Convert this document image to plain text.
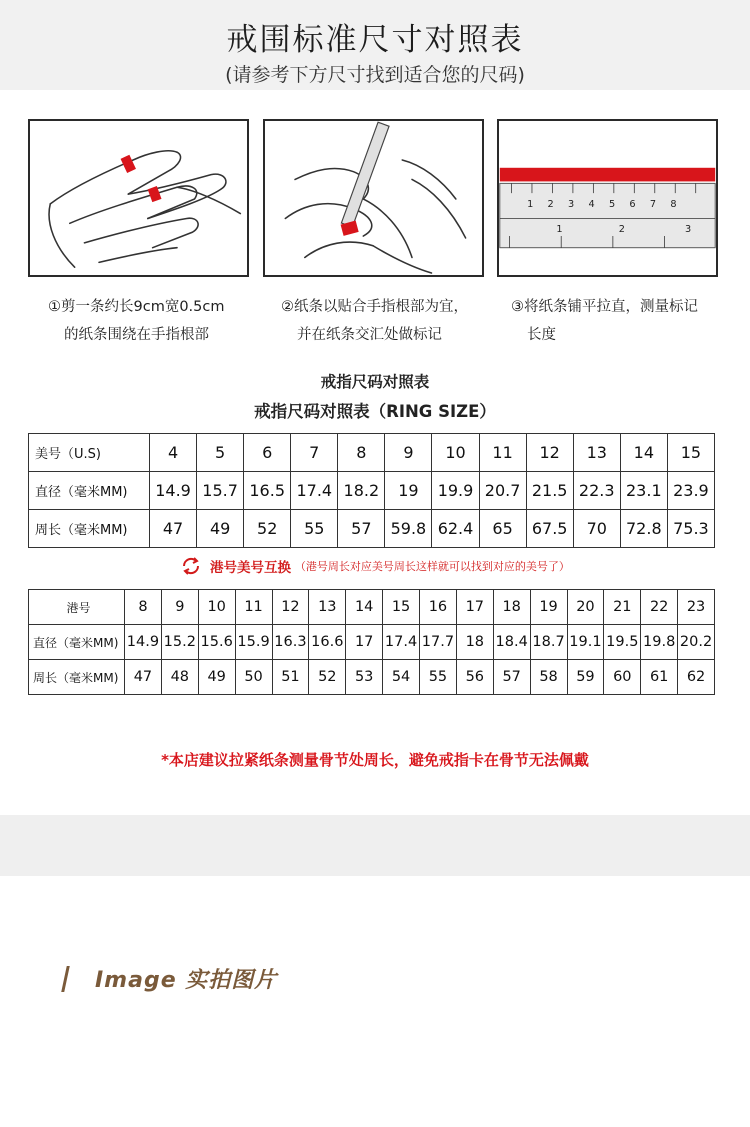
戒围标准尺寸对照表
(请参考下方尺寸找到适合您的尺码)
1 2 3 4 5 6 7 8
1	2	3
①剪一条约长9cm宽0.5cm
的纸条围绕在手指根部
②纸条以贴合手指根部为宜，
并在纸条交汇处做标记
③将纸条铺平拉直，测量标记
长度
戒指尺码对照表
戒指尺码对照表（RING SIZE）
美号（U.S)	4	5	6	7	8	9	10	11	12	13	14	15
直径（毫米MM)	14.9	15.7	16.5	17.4	18.2	19	19.9	20.7	21.5	22.3	23.1	23.9
周长（毫米MM)	47	49	52	55	57	59.8	62.4	65	67.5	70	72.8	75.3
港号美号互换 （港号周长对应美号周长这样就可以找到对应的美号了）
港号	8	9	10	11	12	13	14	15	16	17	18	19	20	21	22	23
直径（毫米MM)	14.9	15.2	15.6	15.9	16.3	16.6	17	17.4	17.7	18	18.4	18.7	19.1	19.5	19.8	20.2
周长（毫米MM)	47	48	49	50	51	52	53	54	55	56	57	58	59	60	61	62
*本店建议拉紧纸条测量骨节处周长，避免戒指卡在骨节无法佩戴
Image 实拍图片
